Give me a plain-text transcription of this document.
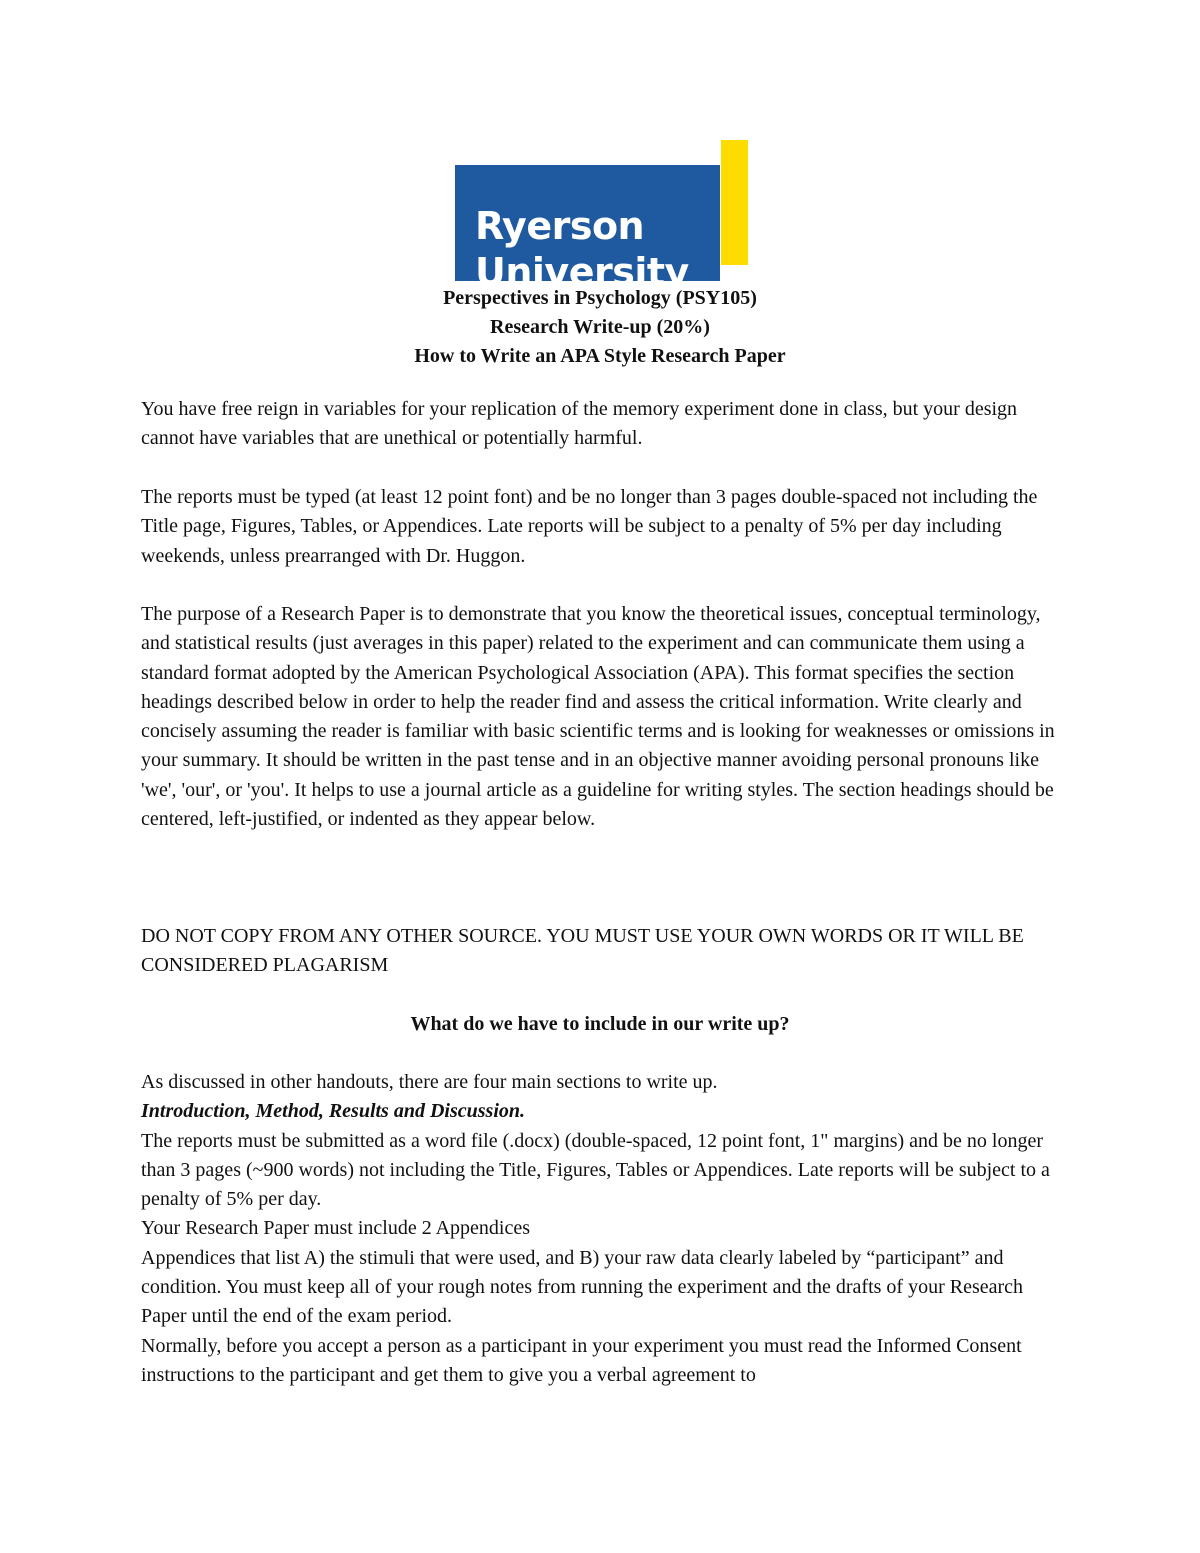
Ryerson
University
Perspectives in Psychology (PSY105)
Research Write-up (20%)
How to Write an APA Style Research Paper

You have free reign in variables for your replication of the memory experiment done in class, but your design cannot have variables that are unethical or potentially harmful.

The reports must be typed (at least 12 point font) and be no longer than 3 pages double-spaced not including the Title page, Figures, Tables, or Appendices. Late reports will be subject to a penalty of 5% per day including weekends, unless prearranged with Dr. Huggon.

The purpose of a Research Paper is to demonstrate that you know the theoretical issues, conceptual terminology, and statistical results (just averages in this paper) related to the experiment and can communicate them using a standard format adopted by the American Psychological Association (APA). This format specifies the section headings described below in order to help the reader find and assess the critical information. Write clearly and concisely assuming the reader is familiar with basic scientific terms and is looking for weaknesses or omissions in your summary. It should be written in the past tense and in an objective manner avoiding personal pronouns like 'we', 'our', or 'you'. It helps to use a journal article as a guideline for writing styles. The section headings should be centered, left-justified, or indented as they appear below.

DO NOT COPY FROM ANY OTHER SOURCE. YOU MUST USE YOUR OWN WORDS OR IT WILL BE CONSIDERED PLAGARISM

What do we have to include in our write up?

As discussed in other handouts, there are four main sections to write up.

Introduction, Method, Results and Discussion.

The reports must be submitted as a word file (.docx) (double-spaced, 12 point font, 1" margins) and be no longer than 3 pages (~900 words) not including the Title, Figures, Tables or Appendices. Late reports will be subject to a penalty of 5% per day.

Your Research Paper must include 2 Appendices

Appendices that list A) the stimuli that were used, and B) your raw data clearly labeled by “participant” and condition. You must keep all of your rough notes from running the experiment and the drafts of your Research Paper until the end of the exam period.

Normally, before you accept a person as a participant in your experiment you must read the Informed Consent instructions to the participant and get them to give you a verbal agreement to
